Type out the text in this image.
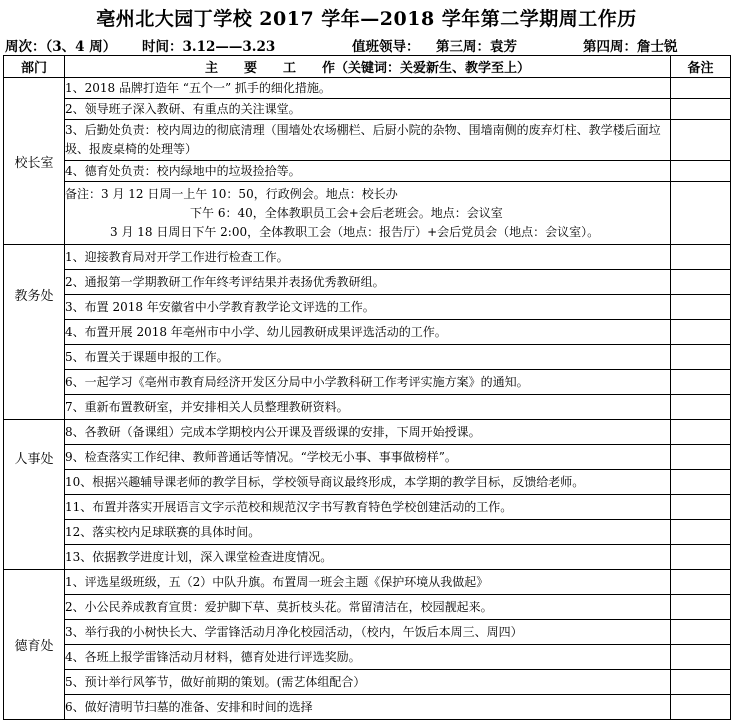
亳州北大园丁学校 2017 学年—2018 学年第二学期周工作历
周次：（3、4 周） 时间：3.12——3.23	值班领导： 第三周：袁芳	第四周：詹士锐
部门	主　　要　　工　　作（关键词：关爱新生、教学至上）	备注
校长室	1、2018 品牌打造年 “五个一” 抓手的细化措施。	
	2、领导班子深入教研、有重点的关注课堂。	
	3、后勤处负责：校内周边的彻底清理（围墙处农场棚栏、后厨小院的杂物、围墙南侧的废弃灯柱、教学楼后面垃圾、报废桌椅的处理等）	
	4、德育处负责：校内绿地中的垃圾捡拾等。	

	备注：3 月 12 日周一上午 10：50，行政例会。地点：校长办
下午 6：40，全体教职员工会+会后老班会。地点：会议室
3 月 18 日周日下午 2:00，全体教职工会（地点：报告厅）+会后党员会（地点：会议室）。	

教务处	1、迎接教育局对开学工作进行检查工作。	
	2、通报第一学期教研工作年终考评结果并表扬优秀教研组。	
	3、布置 2018 年安徽省中小学教育教学论文评选的工作。	
	4、布置开展 2018 年亳州市中小学、幼儿园教研成果评选活动的工作。	
	5、布置关于课题申报的工作。	
	6、一起学习《亳州市教育局经济开发区分局中小学教科研工作考评实施方案》的通知。	
	7、重新布置教研室，并安排相关人员整理教研资料。	
人事处	8、各教研（备课组）完成本学期校内公开课及晋级课的安排，下周开始授课。	
	9、检查落实工作纪律、教师普通话等情况。“学校无小事、事事做榜样”。	
	10、根据兴趣辅导课老师的教学目标，学校领导商议最终形成，本学期的教学目标，反馈给老师。	
	11、布置并落实开展语言文字示范校和规范汉字书写教育特色学校创建活动的工作。	
	12、落实校内足球联赛的具体时间。	
	13、依据教学进度计划，深入课堂检查进度情况。	
德育处	1、评选星级班级，五（2）中队升旗。布置周一班会主题《保护环境从我做起》	
	2、小公民养成教育宣贯：爱护脚下草、莫折枝头花。常留清洁在，校园靓起来。	
	3、举行我的小树快长大、学雷锋活动月净化校园活动，（校内，午饭后本周三、周四）	
	4、各班上报学雷锋活动月材料，德育处进行评选奖励。	
	5、预计举行风筝节，做好前期的策划。(需艺体组配合）	
	6、做好清明节扫墓的准备、安排和时间的选择	
